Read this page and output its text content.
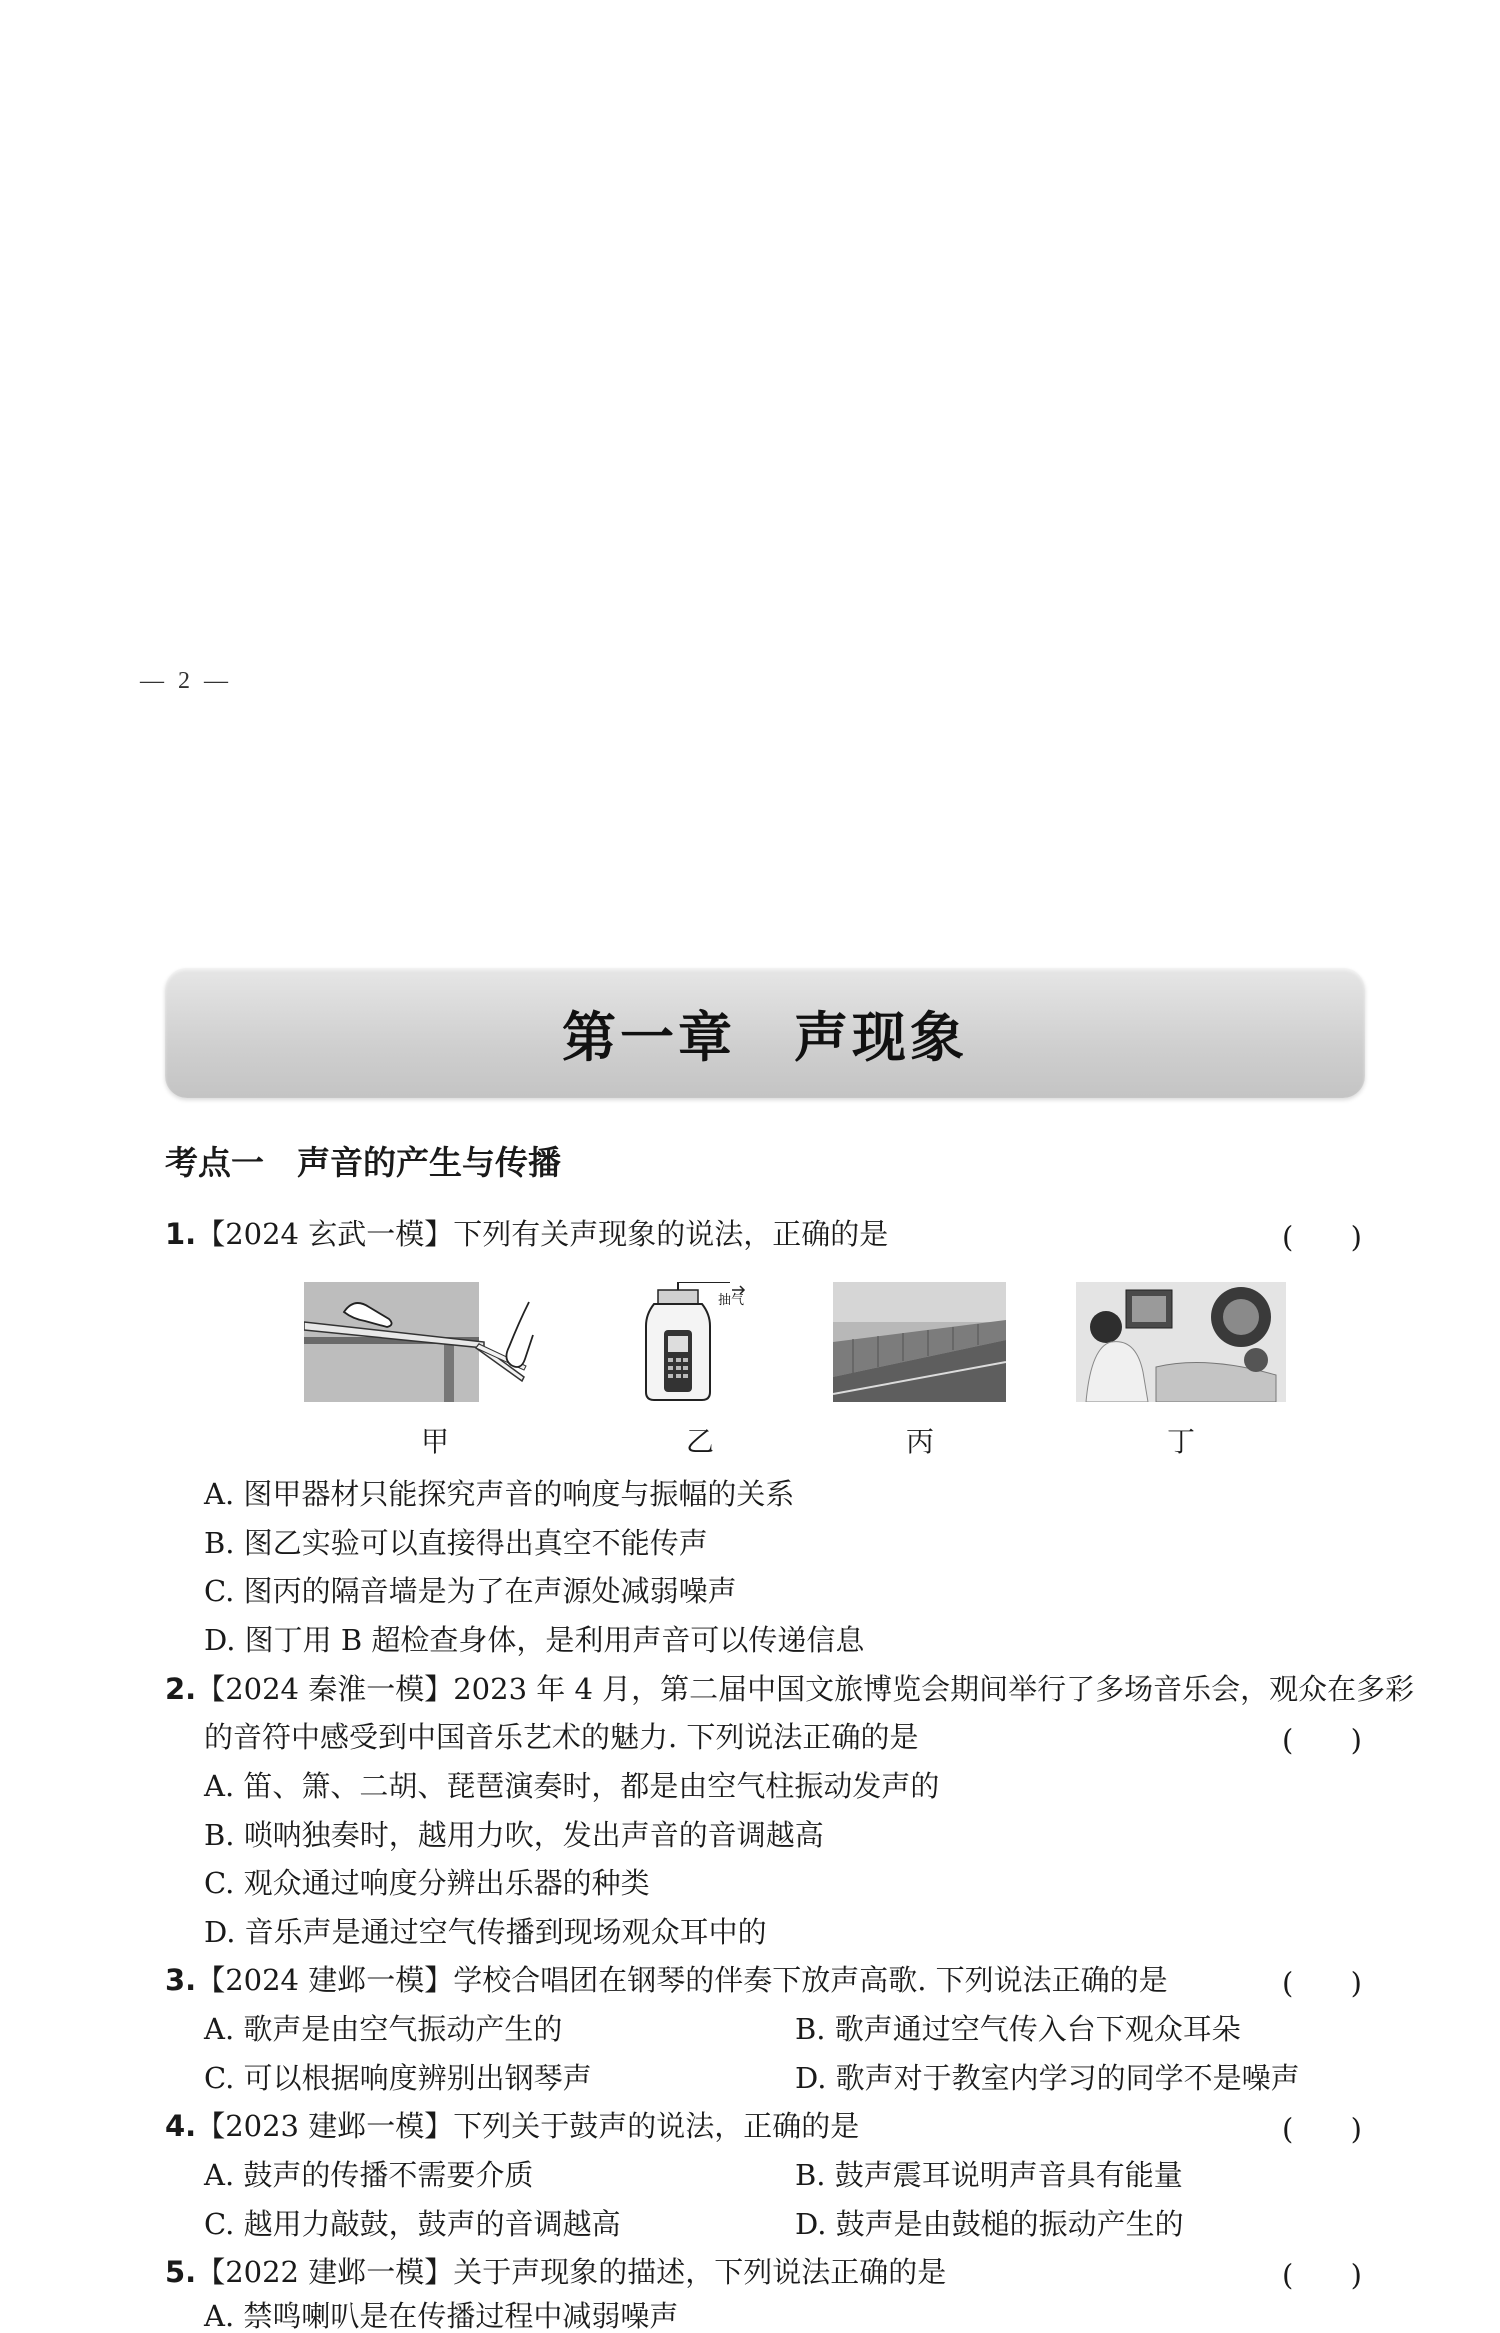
— 2 —
第一章　声现象
考点一　声音的产生与传播
1.【2024 玄武一模】下列有关声现象的说法，正确的是	( )
抽气
甲	乙	丙	丁
A. 图甲器材只能探究声音的响度与振幅的关系
B. 图乙实验可以直接得出真空不能传声
C. 图丙的隔音墙是为了在声源处减弱噪声
D. 图丁用 B 超检查身体，是利用声音可以传递信息
2.【2024 秦淮一模】2023 年 4 月，第二届中国文旅博览会期间举行了多场音乐会，观众在多彩
的音符中感受到中国音乐艺术的魅力. 下列说法正确的是	( )
A. 笛、箫、二胡、琵琶演奏时，都是由空气柱振动发声的
B. 唢呐独奏时，越用力吹，发出声音的音调越高
C. 观众通过响度分辨出乐器的种类
D. 音乐声是通过空气传播到现场观众耳中的
3.【2024 建邺一模】学校合唱团在钢琴的伴奏下放声高歌. 下列说法正确的是	( )
A. 歌声是由空气振动产生的	B. 歌声通过空气传入台下观众耳朵
C. 可以根据响度辨别出钢琴声	D. 歌声对于教室内学习的同学不是噪声
4.【2023 建邺一模】下列关于鼓声的说法，正确的是	( )
A. 鼓声的传播不需要介质	B. 鼓声震耳说明声音具有能量
C. 越用力敲鼓，鼓声的音调越高	D. 鼓声是由鼓槌的振动产生的
5.【2022 建邺一模】关于声现象的描述，下列说法正确的是	( )
A. 禁鸣喇叭是在传播过程中减弱噪声
